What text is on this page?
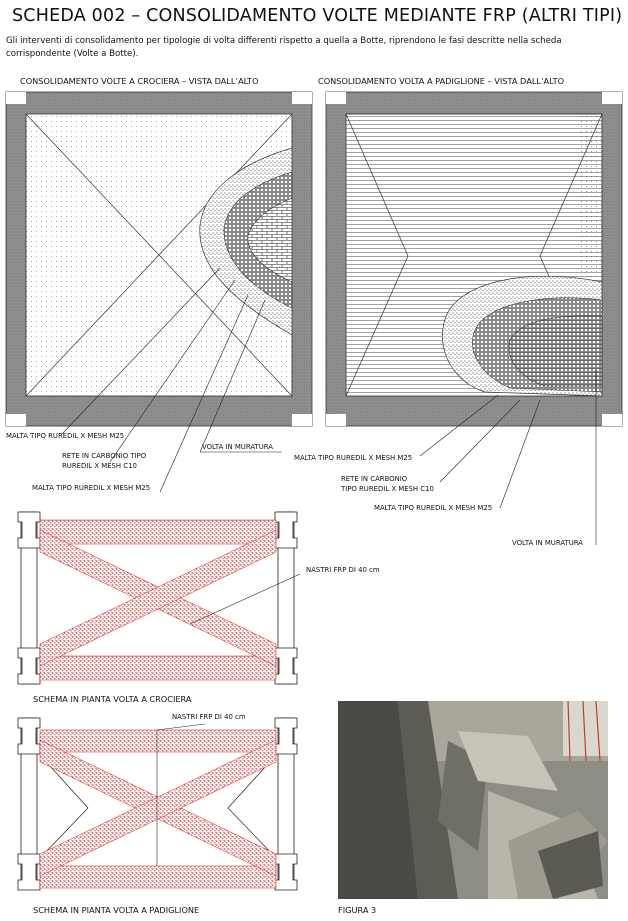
SCHEDA 002 – CONSOLIDAMENTO VOLTE MEDIANTE FRP (ALTRI TIPI)
Gli interventi di consolidamento per tipologie di volta differenti rispetto a quella a Botte, riprendono le fasi descritte nella scheda corrispondente (Volte a Botte).
CONSOLIDAMENTO VOLTE A CROCIERA – VISTA DALL’ALTO	CONSOLIDAMENTO VOLTA A PADIGLIONE – VISTA DALL’ALTO
MALTA TIPO RUREDIL X MESH M25
RETE IN CARBONIO TIPO
RUREDIL X MESH C10
MALTA TIPO RUREDIL X MESH M25
VOLTA IN MURATURA
MALTA TIPO RUREDIL X MESH M25
RETE IN CARBONIO
TIPO RUREDIL X MESH C10
MALTA TIPO RUREDIL X MESH M25
VOLTA IN MURATURA
NASTRI FRP DI 40 cm
SCHEMA IN PIANTA VOLTA A CROCIERA
NASTRI FRP DI 40 cm
SCHEMA IN PIANTA VOLTA A PADIGLIONE	FIGURA 3
